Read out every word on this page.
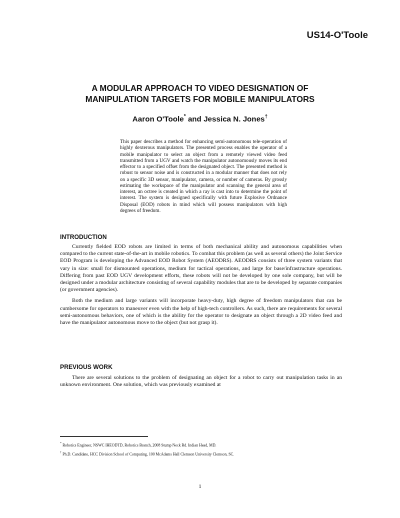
US14-O'Toole
A MODULAR APPROACH TO VIDEO DESIGNATION OF
MANIPULATION TARGETS FOR MOBILE MANIPULATORS
Aaron O'Toole* and Jessica N. Jones†
This paper describes a method for enhancing semi-autonomous tele-operation of highly dexterous manipulators. The presented process enables the operator of a mobile manipulator to select an object from a remotely viewed video feed transmitted from a UGV and watch the manipulator autonomously moves its end effector to a specified offset from the designated object. The presented method is robust to sensor noise and is constructed in a modular manner that does not rely on a specific 3D sensor, manipulator, camera, or number of cameras. By grossly estimating the workspace of the manipulator and scanning the general area of interest, an octree is created in which a ray is cast into to determine the point of interest. The system is designed specifically with future Explosive Ordnance Disposal (EOD) robots in mind which will possess manipulators with high degrees of freedom.
INTRODUCTION

Currently fielded EOD robots are limited in terms of both mechanical ability and autonomous capabilities when compared to the current state-of-the-art in mobile robotics. To combat this problem (as well as several others) the Joint Service EOD Program is developing the Advanced EOD Robot System (AEODRS). AEODRS consists of three system variants that vary in size: small for dismounted operations, medium for tactical operations, and large for base/infrastructure operations. Differing from past EOD UGV development efforts, these robots will not be developed by one sole company, but will be designed under a modular architecture consisting of several capability modules that are to be developed by separate companies (or government agencies).

Both the medium and large variants will incorporate heavy-duty, high degree of freedom manipulators that can be cumbersome for operators to maneuver even with the help of high-tech controllers. As such, there are requirements for several semi-autonomous behaviors, one of which is the ability for the operator to designate an object through a 2D video feed and have the manipulator autonomous move to the object (but not grasp it).

PREVIOUS WORK

There are several solutions to the problem of designating an object for a robot to carry out manipulation tasks in an unknown environment. One solution, which was previously examined at

* Robotics Engineer, NSWC IHEODTD, Robotics Branch, 2008 Stump Neck Rd. Indian Head, MD.
† Ph.D. Candidate, HCC Division School of Computing, 100 McAdams Hall Clemson University Clemson, SC.
1
